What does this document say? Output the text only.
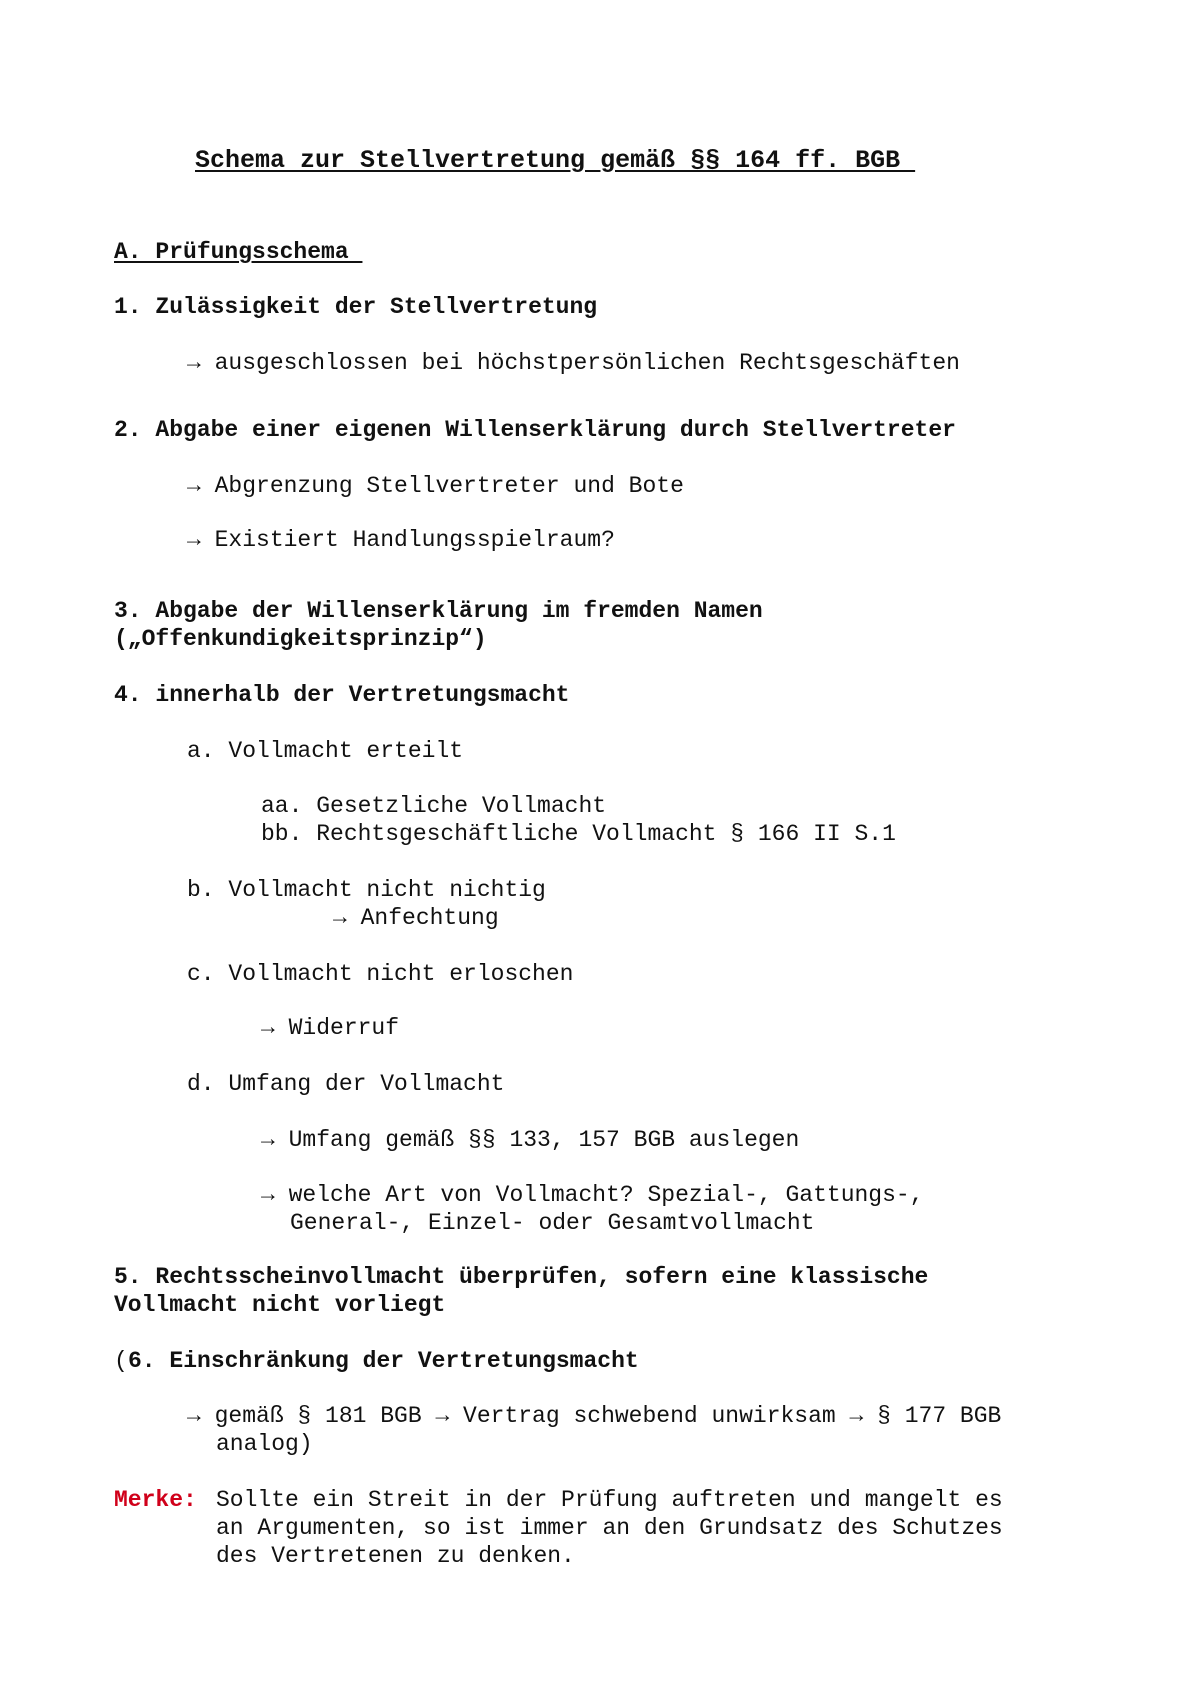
Schema zur Stellvertretung gemäß §§ 164 ff. BGB
A. Prüfungsschema
1. Zulässigkeit der Stellvertretung
→ ausgeschlossen bei höchstpersönlichen Rechtsgeschäften
2. Abgabe einer eigenen Willenserklärung durch Stellvertreter
→ Abgrenzung Stellvertreter und Bote
→ Existiert Handlungsspielraum?
3. Abgabe der Willenserklärung im fremden Namen
(„Offenkundigkeitsprinzip“)
4. innerhalb der Vertretungsmacht
a. Vollmacht erteilt
aa. Gesetzliche Vollmacht
bb. Rechtsgeschäftliche Vollmacht § 166 II S.1
b. Vollmacht nicht nichtig
→ Anfechtung
c. Vollmacht nicht erloschen
→ Widerruf
d. Umfang der Vollmacht
→ Umfang gemäß §§ 133, 157 BGB auslegen
→ welche Art von Vollmacht? Spezial-, Gattungs-,
General-, Einzel- oder Gesamtvollmacht
5. Rechtsscheinvollmacht überprüfen, sofern eine klassische
Vollmacht nicht vorliegt
( 6. Einschränkung der Vertretungsmacht
→ gemäß § 181 BGB → Vertrag schwebend unwirksam → § 177 BGB
analog)
Merke: Sollte ein Streit in der Prüfung auftreten und mangelt es
an Argumenten, so ist immer an den Grundsatz des Schutzes
des Vertretenen zu denken.
